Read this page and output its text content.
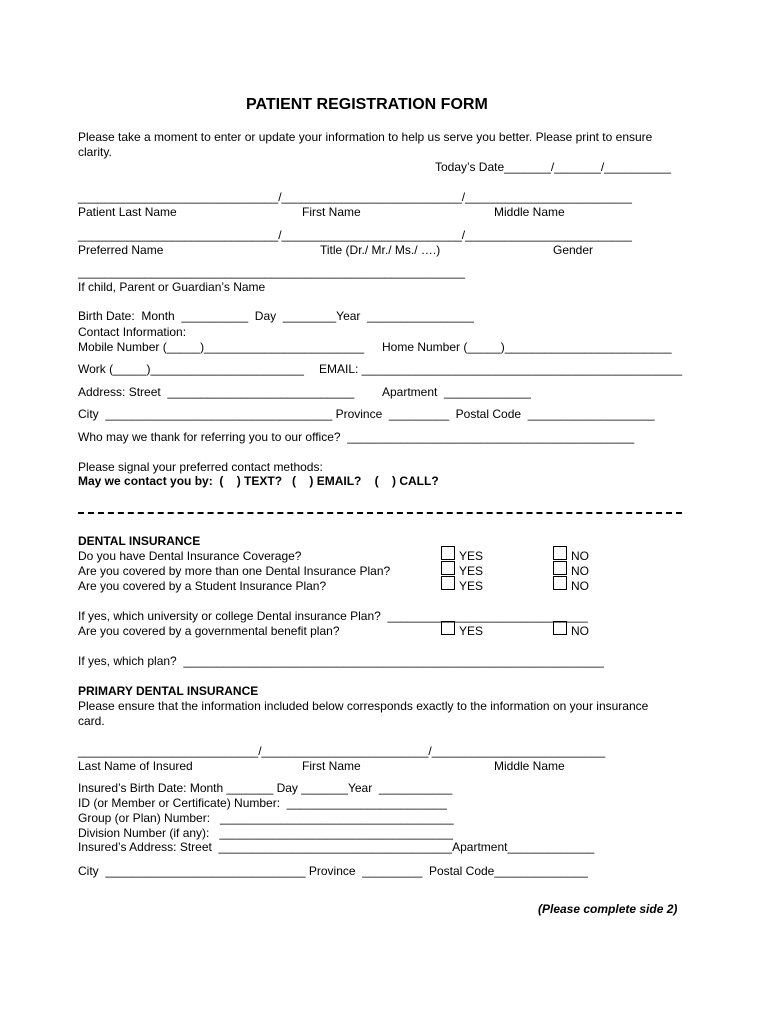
PATIENT REGISTRATION FORM
Please take a moment to enter or update your information to help us serve you better. Please print to ensure
clarity.
Today’s Date_______/_______/__________
______________________________/___________________________/_________________________
Patient Last Name	First Name	Middle Name
______________________________/___________________________/_________________________
Preferred Name	Title (Dr./ Mr./ Ms./ ….)	Gender
__________________________________________________________
If child, Parent or Guardian’s Name
Birth Date:  Month  __________  Day  ________Year  ________________
Contact Information:
Mobile Number (_____)________________________ Home Number (_____)_________________________
Work (_____)_______________________ EMAIL: ________________________________________________
Address: Street  ____________________________ Apartment  _____________
City  __________________________________ Province  _________  Postal Code  ___________________
Who may we thank for referring you to our office?  ___________________________________________
Please signal your preferred contact methods:
May we contact you by:  (    ) TEXT?   (    ) EMAIL?    (    ) CALL?
DENTAL INSURANCE
Do you have Dental Insurance Coverage?	YES	NO
Are you covered by more than one Dental Insurance Plan?	YES	NO
Are you covered by a Student Insurance Plan?	YES	NO
If yes, which university or college Dental insurance Plan?  ______________________________
Are you covered by a governmental benefit plan?	YES	NO
If yes, which plan?  _______________________________________________________________
PRIMARY DENTAL INSURANCE
Please ensure that the information included below corresponds exactly to the information on your insurance
card.
___________________________/_________________________/__________________________
Last Name of Insured	First Name	Middle Name
Insured’s Birth Date: Month _______ Day _______Year  ___________
ID (or Member or Certificate) Number:  ________________________
Group (or Plan) Number:   ___________________________________
Division Number (if any):   ___________________________________
Insured’s Address: Street  ___________________________________Apartment_____________
City  ______________________________ Province  _________  Postal Code______________
(Please complete side 2)
